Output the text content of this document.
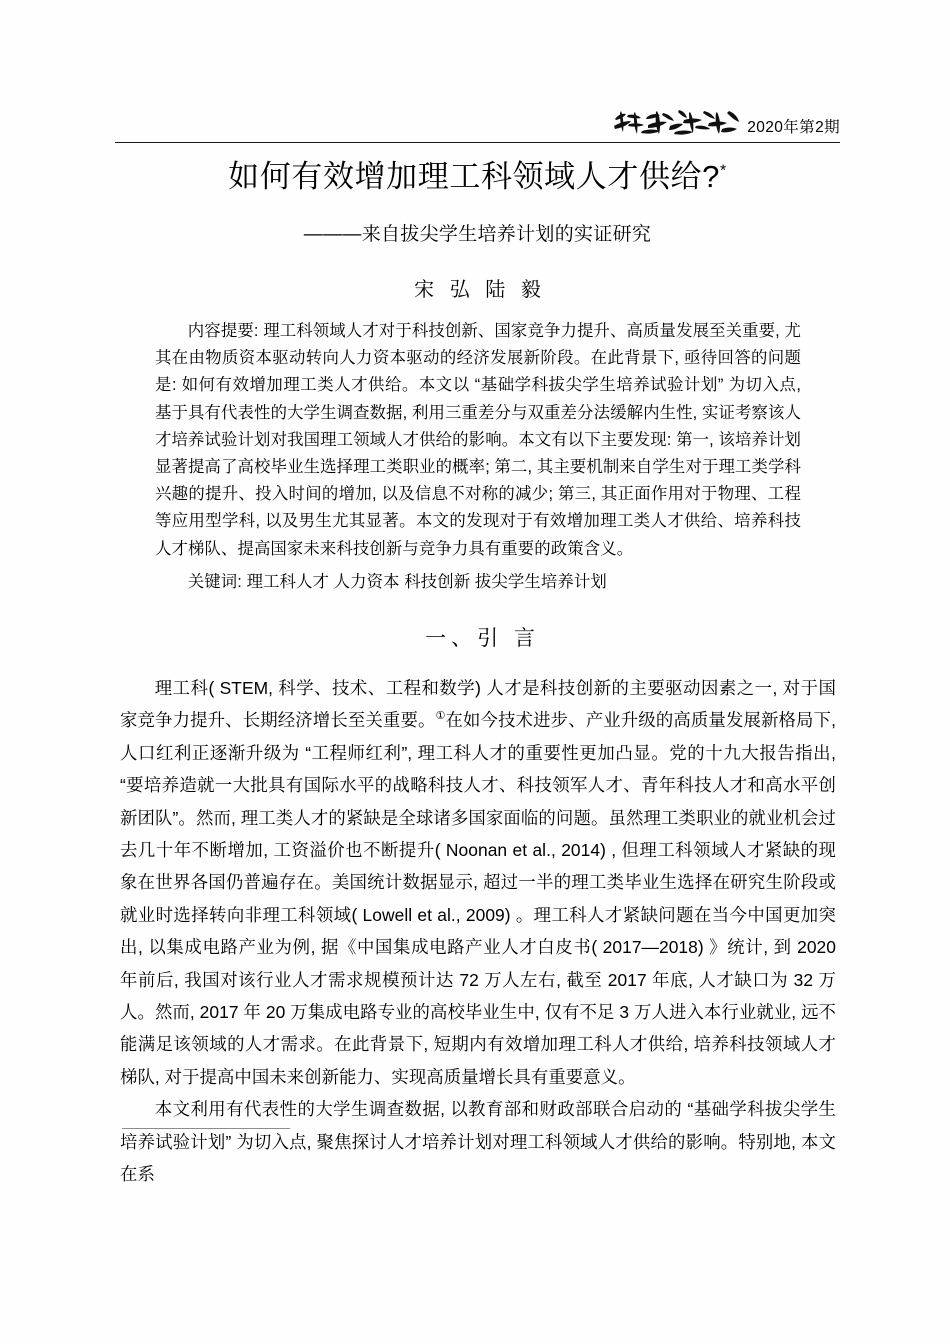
2020年第2期
如何有效增加理工科领域人才供给?*
———来自拔尖学生培养计划的实证研究
宋 弘 陆 毅

内容提要: 理工科领域人才对于科技创新、国家竞争力提升、高质量发展至关重要, 尤其在由物质资本驱动转向人力资本驱动的经济发展新阶段。在此背景下, 亟待回答的问题是: 如何有效增加理工类人才供给。本文以 “基础学科拔尖学生培养试验计划” 为切入点, 基于具有代表性的大学生调查数据, 利用三重差分与双重差分法缓解内生性, 实证考察该人才培养试验计划对我国理工领域人才供给的影响。本文有以下主要发现: 第一, 该培养计划显著提高了高校毕业生选择理工类职业的概率; 第二, 其主要机制来自学生对于理工类学科兴趣的提升、投入时间的增加, 以及信息不对称的减少; 第三, 其正面作用对于物理、工程等应用型学科, 以及男生尤其显著。本文的发现对于有效增加理工类人才供给、培养科技人才梯队、提高国家未来科技创新与竞争力具有重要的政策含义。

关键词: 理工科人才 人力资本 科技创新 拔尖学生培养计划

一、引 言

理工科( STEM, 科学、技术、工程和数学) 人才是科技创新的主要驱动因素之一, 对于国家竞争力提升、长期经济增长至关重要。①在如今技术进步、产业升级的高质量发展新格局下, 人口红利正逐渐升级为 “工程师红利”, 理工科人才的重要性更加凸显。党的十九大报告指出, “要培养造就一大批具有国际水平的战略科技人才、科技领军人才、青年科技人才和高水平创新团队”。然而, 理工类人才的紧缺是全球诸多国家面临的问题。虽然理工类职业的就业机会过去几十年不断增加, 工资溢价也不断提升( Noonan et al., 2014) , 但理工科领域人才紧缺的现象在世界各国仍普遍存在。美国统计数据显示, 超过一半的理工类毕业生选择在研究生阶段或就业时选择转向非理工科领域( Lowell et al., 2009) 。理工科人才紧缺问题在当今中国更加突出, 以集成电路产业为例, 据《中国集成电路产业人才白皮书( 2017—2018) 》统计, 到 2020 年前后, 我国对该行业人才需求规模预计达 72 万人左右, 截至 2017 年底, 人才缺口为 32 万人。然而, 2017 年 20 万集成电路专业的高校毕业生中, 仅有不足 3 万人进入本行业就业, 远不能满足该领域的人才需求。在此背景下, 短期内有效增加理工科人才供给, 培养科技领域人才梯队, 对于提高中国未来创新能力、实现高质量增长具有重要意义。

本文利用有代表性的大学生调查数据, 以教育部和财政部联合启动的 “基础学科拔尖学生培养试验计划” 为切入点, 聚焦探讨人才培养计划对理工科领域人才供给的影响。特别地, 本文在系
